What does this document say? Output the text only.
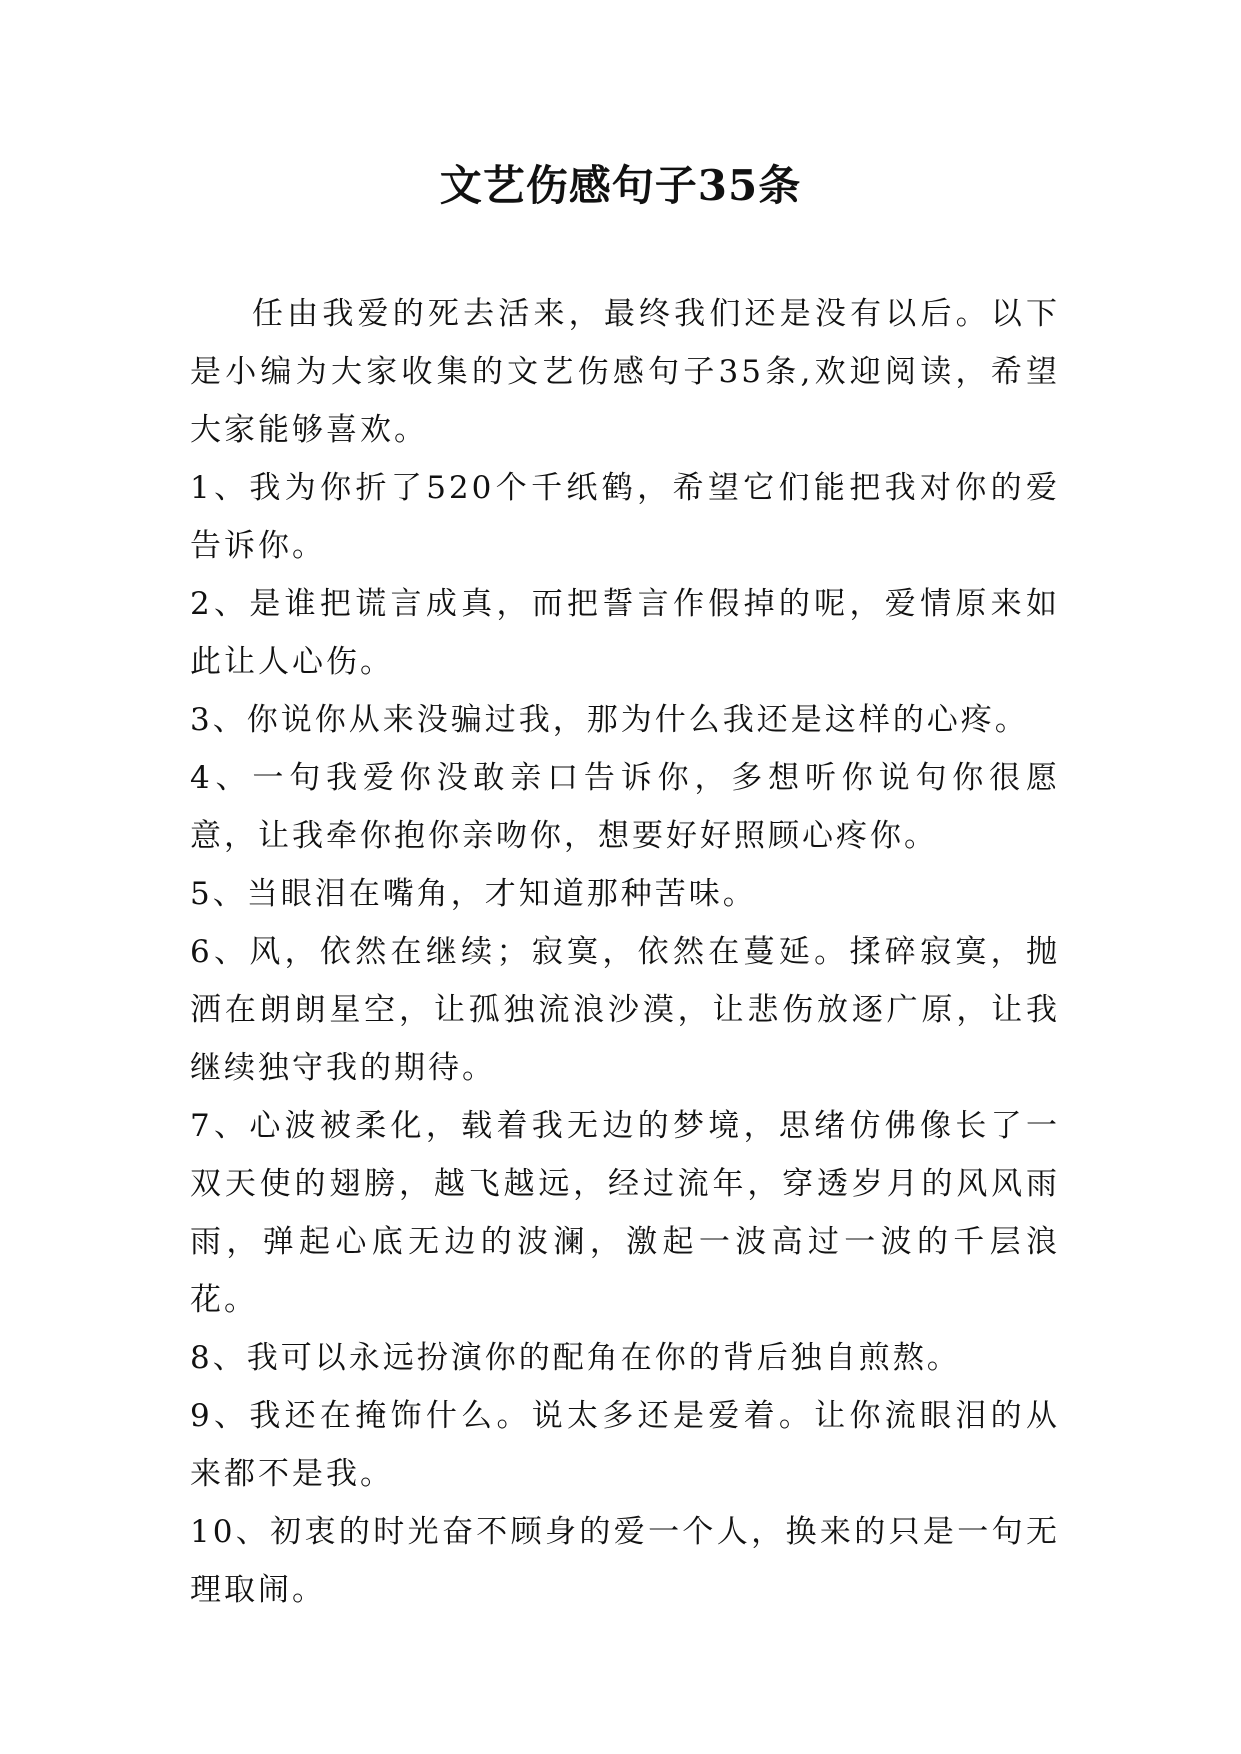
文艺伤感句子35条

任由我爱的死去活来，最终我们还是没有以后。以下是小编为大家收集的文艺伤感句子35条,欢迎阅读，希望大家能够喜欢。

1、我为你折了520个千纸鹤，希望它们能把我对你的爱告诉你。

2、是谁把谎言成真，而把誓言作假掉的呢，爱情原来如此让人心伤。

3、你说你从来没骗过我，那为什么我还是这样的心疼。

4、一句我爱你没敢亲口告诉你，多想听你说句你很愿意，让我牵你抱你亲吻你，想要好好照顾心疼你。

5、当眼泪在嘴角，才知道那种苦味。

6、风，依然在继续；寂寞，依然在蔓延。揉碎寂寞，抛洒在朗朗星空，让孤独流浪沙漠，让悲伤放逐广原，让我继续独守我的期待。

7、心波被柔化，载着我无边的梦境，思绪仿佛像长了一双天使的翅膀，越飞越远，经过流年，穿透岁月的风风雨雨，弹起心底无边的波澜，激起一波高过一波的千层浪花。

8、我可以永远扮演你的配角在你的背后独自煎熬。

9、我还在掩饰什么。说太多还是爱着。让你流眼泪的从来都不是我。

10、初衷的时光奋不顾身的爱一个人，换来的只是一句无理取闹。
